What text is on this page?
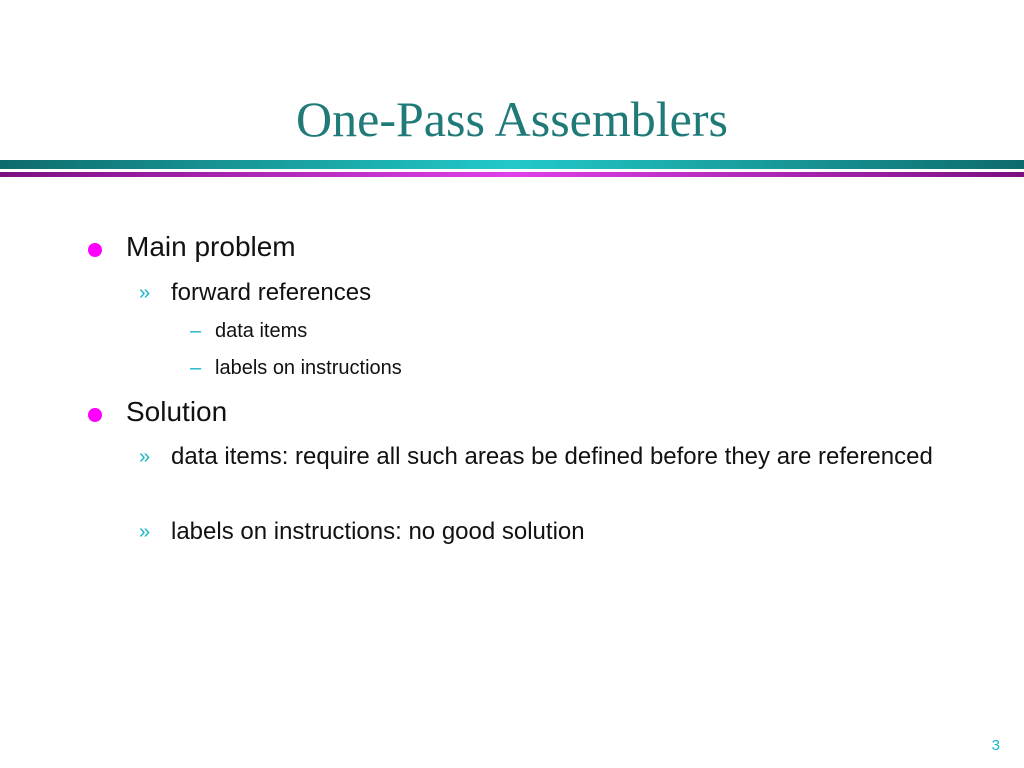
One-Pass Assemblers
Main problem
» forward references
– data items
– labels on instructions
Solution
» data items: require all such areas be defined before they are referenced
» labels on instructions: no good solution
3
